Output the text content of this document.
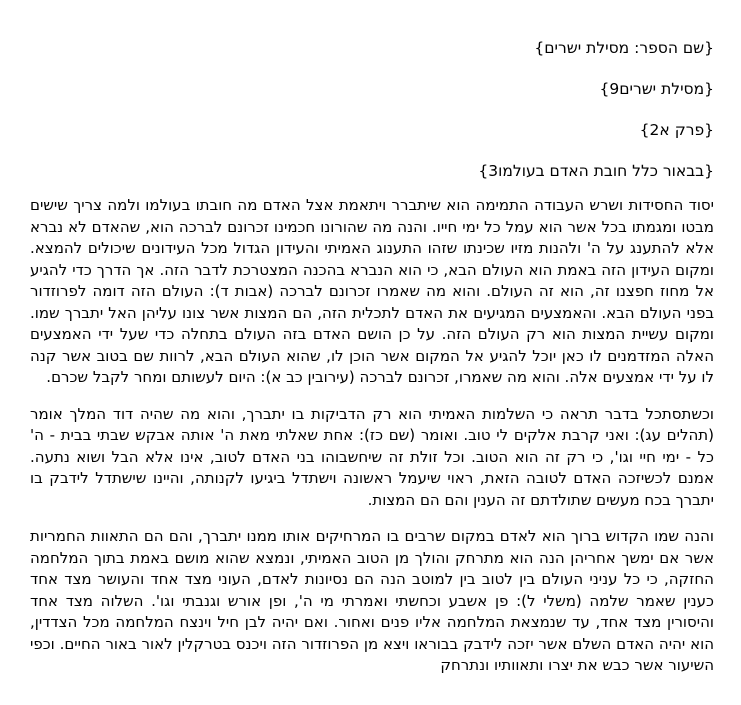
{שם הספר: מסילת ישרים}
{מסילת ישרים9}
{פרק א2}
{בבאור כלל חובת האדם בעולמו3}

יסוד החסידות ושרש העבודה התמימה הוא שיתברר ויתאמת אצל האדם מה חובתו בעולמו ולמה צריך שישים מבטו ומגמתו בכל אשר הוא עמל כל ימי חייו. והנה מה שהורונו חכמינו זכרונם לברכה הוא, שהאדם לא נברא אלא להתענג על ה' ולהנות מזיו שכינתו שזהו התענוג האמיתי והעידון הגדול מכל העידונים שיכולים להמצא. ומקום העידון הזה באמת הוא העולם הבא, כי הוא הנברא בהכנה המצטרכת לדבר הזה. אך הדרך כדי להגיע אל מחוז חפצנו זה, הוא זה העולם. והוא מה שאמרו זכרונם לברכה (אבות ד): העולם הזה דומה לפרוזדור בפני העולם הבא. והאמצעים המגיעים את האדם לתכלית הזה, הם המצות אשר צונו עליהן האל יתברך שמו. ומקום עשיית המצות הוא רק העולם הזה. על כן הושם האדם בזה העולם בתחלה כדי שעל ידי האמצעים האלה המזדמנים לו כאן יוכל להגיע אל המקום אשר הוכן לו, שהוא העולם הבא, לרוות שם בטוב אשר קנה לו על ידי אמצעים אלה. והוא מה שאמרו, זכרונם לברכה (עירובין כב א): היום לעשותם ומחר לקבל שכרם.

וכשתסתכל בדבר תראה כי השלמות האמיתי הוא רק הדביקות בו יתברך, והוא מה שהיה דוד המלך אומר (תהלים עג): ואני קרבת אלקים לי טוב. ואומר (שם כז): אחת שאלתי מאת ה' אותה אבקש שבתי בבית - ה' כל - ימי חיי וגו', כי רק זה הוא הטוב. וכל זולת זה שיחשבוהו בני האדם לטוב, אינו אלא הבל ושוא נתעה. אמנם לכשיזכה האדם לטובה הזאת, ראוי שיעמל ראשונה וישתדל ביגיעו לקנותה, והיינו שישתדל לידבק בו יתברך בכח מעשים שתולדתם זה הענין והם הם המצות.

והנה שמו הקדוש ברוך הוא לאדם במקום שרבים בו המרחיקים אותו ממנו יתברך, והם הם התאוות החמריות אשר אם ימשך אחריהן הנה הוא מתרחק והולך מן הטוב האמיתי, ונמצא שהוא מושם באמת בתוך המלחמה החזקה, כי כל עניני העולם בין לטוב בין למוטב הנה הם נסיונות לאדם, העוני מצד אחד והעושר מצד אחד כענין שאמר שלמה (משלי ל): פן אשבע וכחשתי ואמרתי מי ה', ופן אורש וגנבתי וגו'. השלוה מצד אחד והיסורין מצד אחד, עד שנמצאת המלחמה אליו פנים ואחור. ואם יהיה לבן חיל וינצח המלחמה מכל הצדדין, הוא יהיה האדם השלם אשר יזכה לידבק בבוראו ויצא מן הפרוזדור הזה ויכנס בטרקלין לאור באור החיים. וכפי השיעור אשר כבש את יצרו ותאוותיו ונתרחק
